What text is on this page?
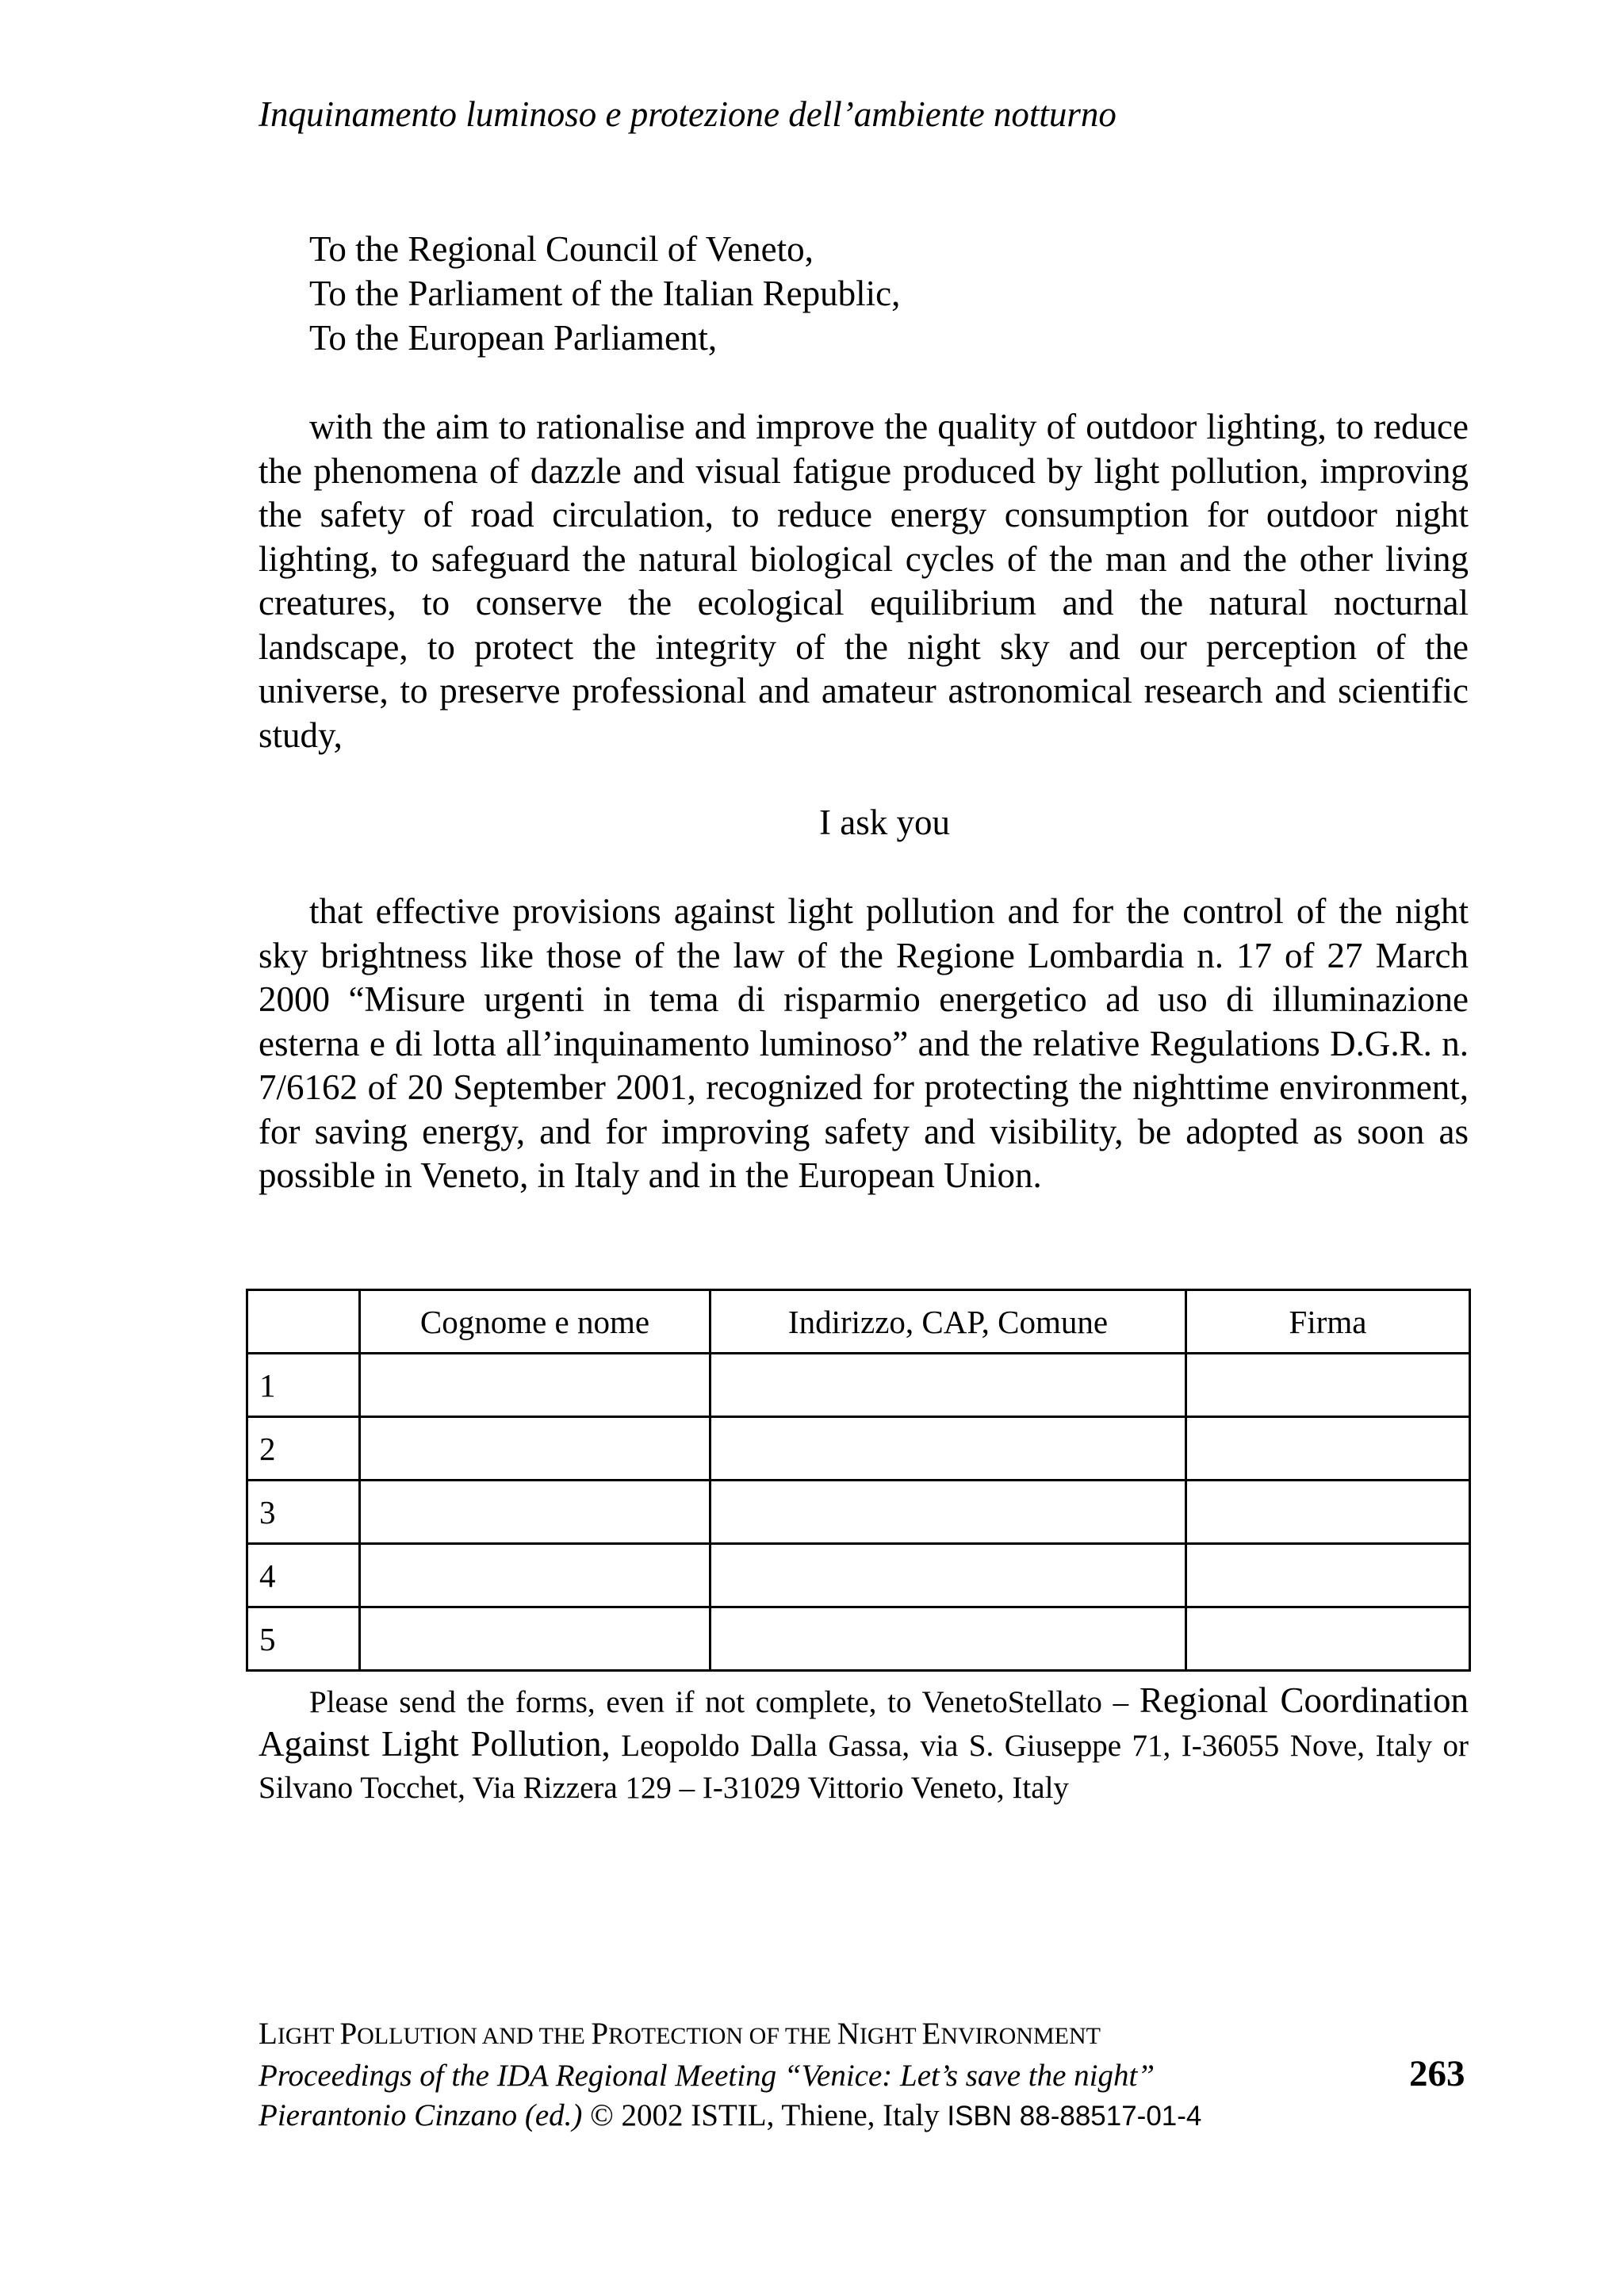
Inquinamento luminoso e protezione dell’ambiente notturno
To the Regional Council of Veneto,
To the Parliament of the Italian Republic,
To the European Parliament,
with the aim to rationalise and improve the quality of outdoor lighting, to reduce the phenomena of dazzle and visual fatigue produced by light pollution, improving the safety of road circulation, to reduce energy consumption for outdoor night lighting, to safeguard the natural biological cycles of the man and the other living creatures, to conserve the ecological equilibrium and the natural nocturnal landscape, to protect the integrity of the night sky and our perception of the universe, to preserve professional and amateur astronomical research and scientific study,
I ask you
that effective provisions against light pollution and for the control of the night sky brightness like those of the law of the Regione Lombardia n. 17 of 27 March 2000 “Misure urgenti in tema di risparmio energetico ad uso di illuminazione esterna e di lotta all’inquinamento luminoso” and the relative Regulations D.G.R. n. 7/6162 of 20 September 2001, recognized for protecting the nighttime environment, for saving energy, and for improving safety and visibility, be adopted as soon as possible in Veneto, in Italy and in the European Union.
	Cognome e nome	Indirizzo, CAP, Comune	Firma
1			
2			
3			
4			
5			
Please send the forms, even if not complete, to VenetoStellato – Regional Coordination Against Light Pollution, Leopoldo Dalla Gassa, via S. Giuseppe 71, I-36055 Nove, Italy or Silvano Tocchet, Via Rizzera 129 – I-31029 Vittorio Veneto, Italy
LIGHT POLLUTION AND THE PROTECTION OF THE NIGHT ENVIRONMENT
Proceedings of the IDA Regional Meeting “Venice: Let’s save the night”
Pierantonio Cinzano (ed.) © 2002 ISTIL, Thiene, Italy ISBN 88-88517-01-4
263
